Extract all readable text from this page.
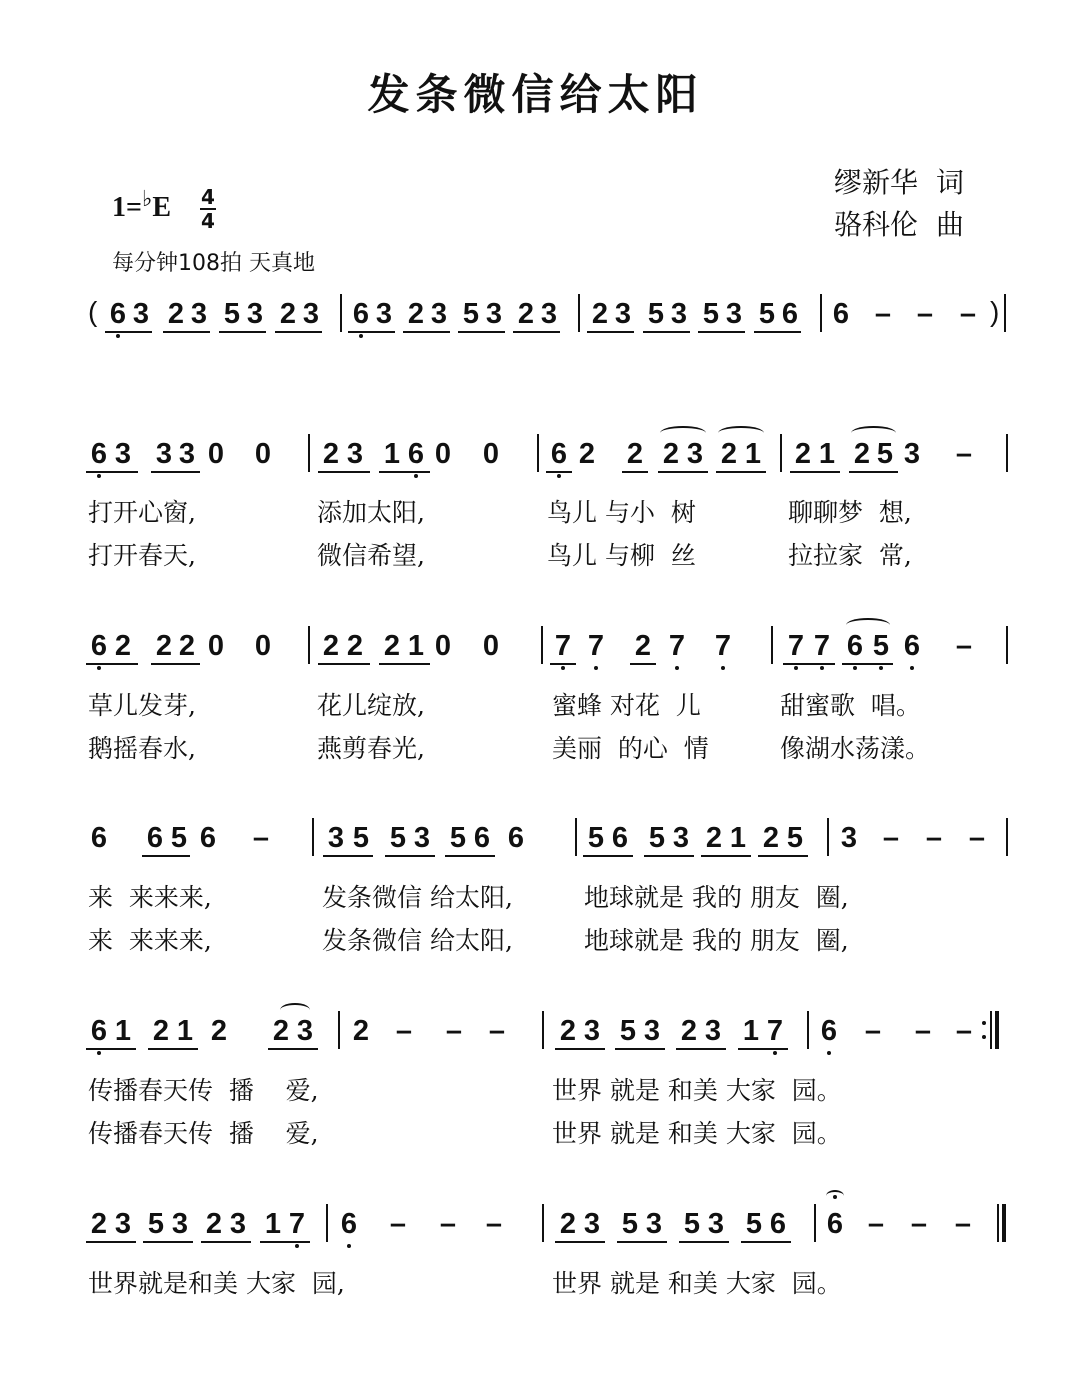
发条微信给太阳
缪新华 词
骆科伦 曲
$1=^♭E \frac{4}{4}$
每分钟108拍 天真地
(	)
6 3 2 3 5 3 2 3 6 3 2 3 5 3 2 3 2 3 5 3 5 3 5 6 6 – – –
6 3 3 3 0 0 2 3 1 6 0 0 6 2 2 2 3 2 1 2 1 2 5 3 –
打开心窗,	添加太阳,	鸟儿 与小  树	聊聊梦  想,
打开春天,	微信希望,	鸟儿 与柳  丝	拉拉家  常,
6 2 2 2 0 0 2 2 2 1 0 0 7 7 2 7 7 7 7 6 5 6 –
草儿发芽,	花儿绽放,	蜜蜂 对花  儿	甜蜜歌  唱。
鹅摇春水,	燕剪春光,	美丽  的心  情	像湖水荡漾。
6 6 5 6 – 3 5 5 3 5 6 6 5 6 5 3 2 1 2 5 3 – – –
来  来来来,	发条微信 给太阳,	地球就是 我的 朋友  圈,
来  来来来,	发条微信 给太阳,	地球就是 我的 朋友  圈,
6 1 2 1 2 2 3 2 – – – 2 3 5 3 2 3 1 7 6 – – –
传播春天传  播    爱,	世界 就是 和美 大家  园。
传播春天传  播    爱,	世界 就是 和美 大家  园。
2 3 5 3 2 3 1 7 6 – – – 2 3 5 3 5 3 5 6 6 – – –
世界就是和美 大家  园,	世界 就是 和美 大家  园。
